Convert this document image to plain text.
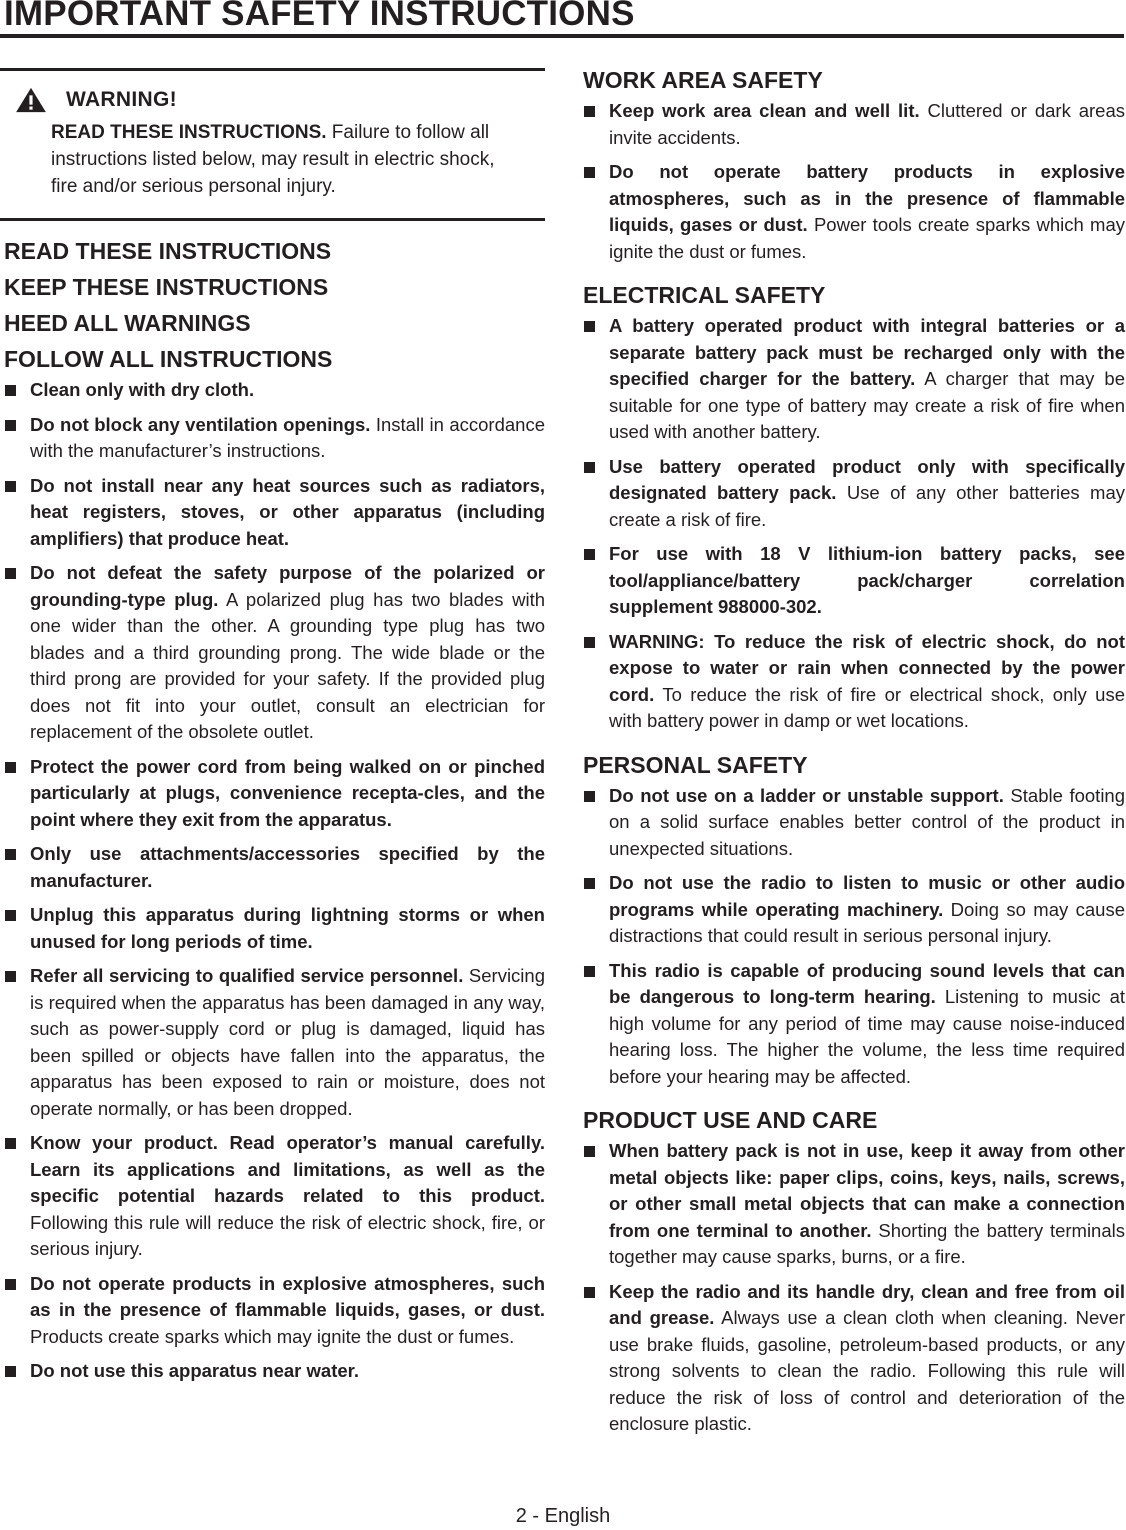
IMPORTANT SAFETY INSTRUCTIONS
WARNING!
READ THESE INSTRUCTIONS. Failure to follow all instructions listed below, may result in electric shock, fire and/or serious personal injury.
READ THESE INSTRUCTIONS
KEEP THESE INSTRUCTIONS
HEED ALL WARNINGS
FOLLOW ALL INSTRUCTIONS
Clean only with dry cloth.
Do not block any ventilation openings. Install in accordance with the manufacturer’s instructions.
Do not install near any heat sources such as radiators, heat registers, stoves, or other apparatus (including amplifiers) that produce heat.
Do not defeat the safety purpose of the polarized or grounding-type plug. A polarized plug has two blades with one wider than the other. A grounding type plug has two blades and a third grounding prong. The wide blade or the third prong are provided for your safety. If the provided plug does not fit into your outlet, consult an electrician for replacement of the obsolete outlet.
Protect the power cord from being walked on or pinched particularly at plugs, convenience recepta-cles, and the point where they exit from the apparatus.
Only use attachments/accessories specified by the manufacturer.
Unplug this apparatus during lightning storms or when unused for long periods of time.
Refer all servicing to qualified service personnel. Servicing is required when the apparatus has been damaged in any way, such as power-supply cord or plug is damaged, liquid has been spilled or objects have fallen into the apparatus, the apparatus has been exposed to rain or moisture, does not operate normally, or has been dropped.
Know your product. Read operator’s manual carefully. Learn its applications and limitations, as well as the specific potential hazards related to this product. Following this rule will reduce the risk of electric shock, fire, or serious injury.
Do not operate products in explosive atmospheres, such as in the presence of flammable liquids, gases, or dust. Products create sparks which may ignite the dust or fumes.
Do not use this apparatus near water.
WORK AREA SAFETY
Keep work area clean and well lit. Cluttered or dark areas invite accidents.
Do not operate battery products in explosive atmospheres, such as in the presence of flammable liquids, gases or dust. Power tools create sparks which may ignite the dust or fumes.
ELECTRICAL SAFETY
A battery operated product with integral batteries or a separate battery pack must be recharged only with the specified charger for the battery. A charger that may be suitable for one type of battery may create a risk of fire when used with another battery.
Use battery operated product only with specifically designated battery pack. Use of any other batteries may create a risk of fire.
For use with 18 V lithium-ion battery packs, see tool/appliance/battery pack/charger correlation supplement 988000-302.
WARNING: To reduce the risk of electric shock, do not expose to water or rain when connected by the power cord. To reduce the risk of fire or electrical shock, only use with battery power in damp or wet locations.
PERSONAL SAFETY
Do not use on a ladder or unstable support. Stable footing on a solid surface enables better control of the product in unexpected situations.
Do not use the radio to listen to music or other audio programs while operating machinery. Doing so may cause distractions that could result in serious personal injury.
This radio is capable of producing sound levels that can be dangerous to long-term hearing. Listening to music at high volume for any period of time may cause noise-induced hearing loss. The higher the volume, the less time required before your hearing may be affected.
PRODUCT USE AND CARE
When battery pack is not in use, keep it away from other metal objects like: paper clips, coins, keys, nails, screws, or other small metal objects that can make a connection from one terminal to another. Shorting the battery terminals together may cause sparks, burns, or a fire.
Keep the radio and its handle dry, clean and free from oil and grease. Always use a clean cloth when cleaning. Never use brake fluids, gasoline, petroleum-based products, or any strong solvents to clean the radio. Following this rule will reduce the risk of loss of control and deterioration of the enclosure plastic.
2 - English
